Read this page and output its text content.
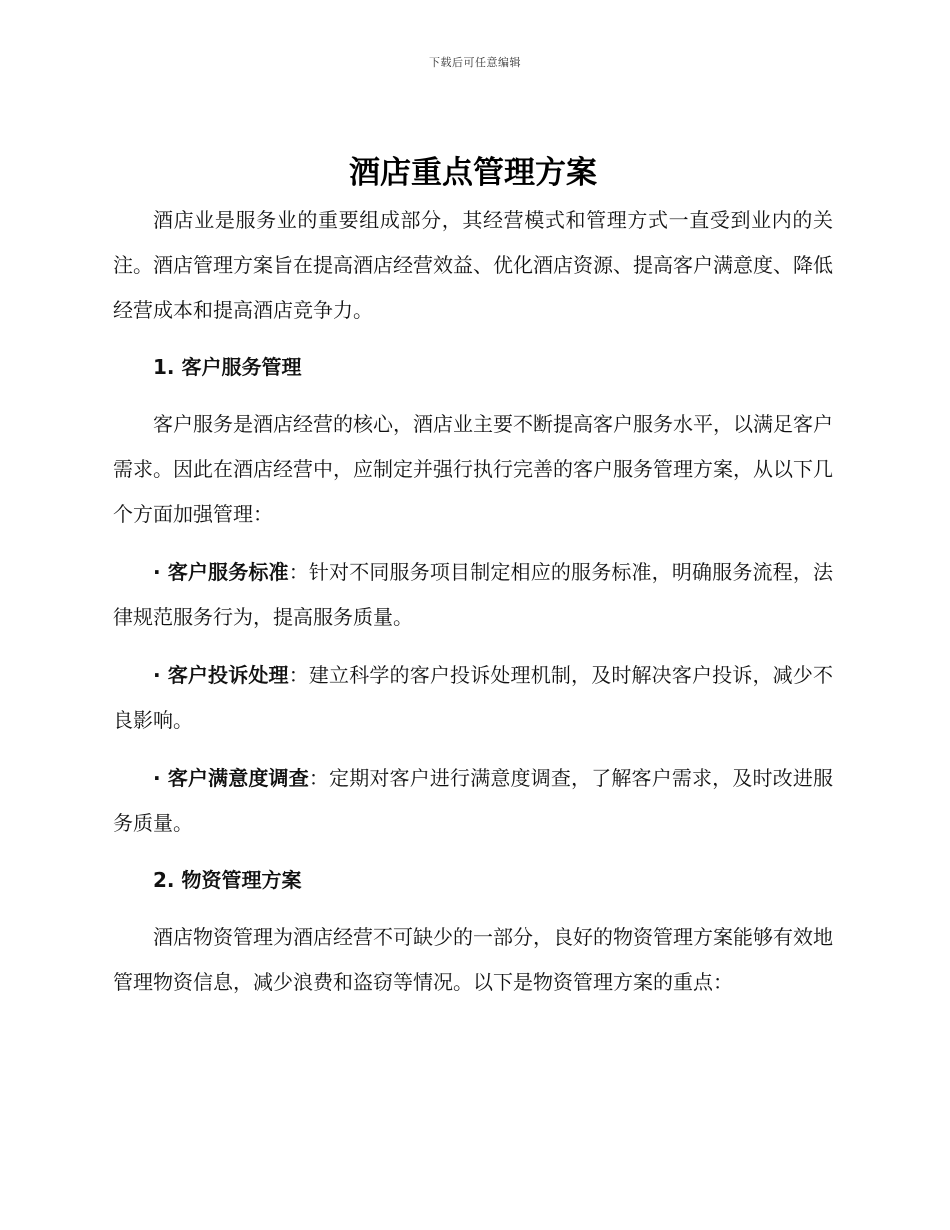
下载后可任意编辑
酒店重点管理方案

酒店业是服务业的重要组成部分，其经营模式和管理方式一直受到业内的关注。酒店管理方案旨在提高酒店经营效益、优化酒店资源、提高客户满意度、降低经营成本和提高酒店竞争力。

1. 客户服务管理

客户服务是酒店经营的核心，酒店业主要不断提高客户服务水平，以满足客户需求。因此在酒店经营中，应制定并强行执行完善的客户服务管理方案，从以下几个方面加强管理：

· 客户服务标准：针对不同服务项目制定相应的服务标准，明确服务流程，法律规范服务行为，提高服务质量。

· 客户投诉处理：建立科学的客户投诉处理机制，及时解决客户投诉，减少不良影响。

· 客户满意度调查：定期对客户进行满意度调查，了解客户需求，及时改进服务质量。

2. 物资管理方案

酒店物资管理为酒店经营不可缺少的一部分，良好的物资管理方案能够有效地管理物资信息，减少浪费和盗窃等情况。以下是物资管理方案的重点：
